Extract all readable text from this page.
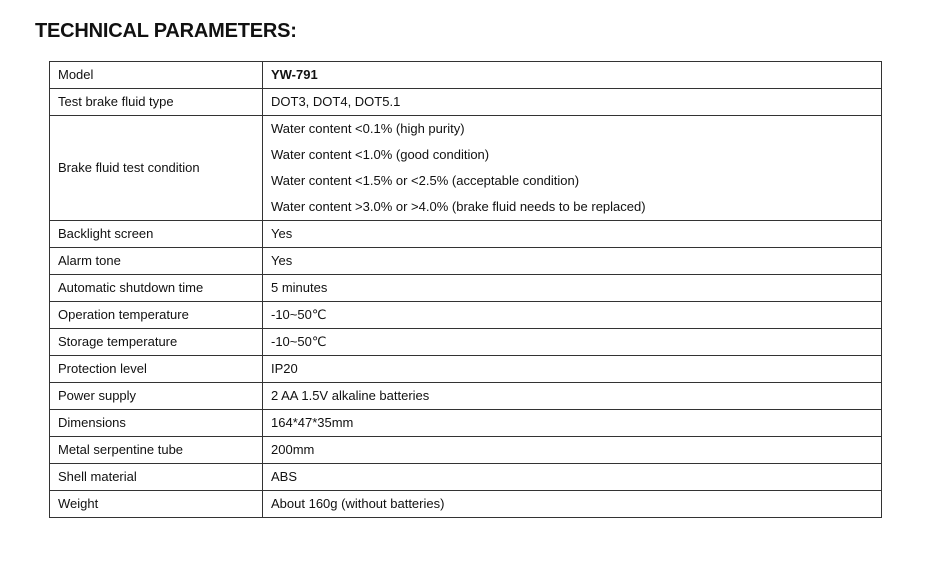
TECHNICAL PARAMETERS:
Model	YW-791
Test brake fluid type	DOT3, DOT4, DOT5.1
Brake fluid test condition	Water content <0.1% (high purity)
Water content <1.0% (good condition)
Water content <1.5% or <2.5% (acceptable condition)
Water content >3.0% or >4.0% (brake fluid needs to be replaced)

Backlight screen	Yes
Alarm tone	Yes
Automatic shutdown time	5 minutes
Operation temperature	-10~50℃
Storage temperature	-10~50℃
Protection level	IP20
Power supply	2 AA 1.5V alkaline batteries
Dimensions	164*47*35mm
Metal serpentine tube	200mm
Shell material	ABS
Weight	About 160g (without batteries)
